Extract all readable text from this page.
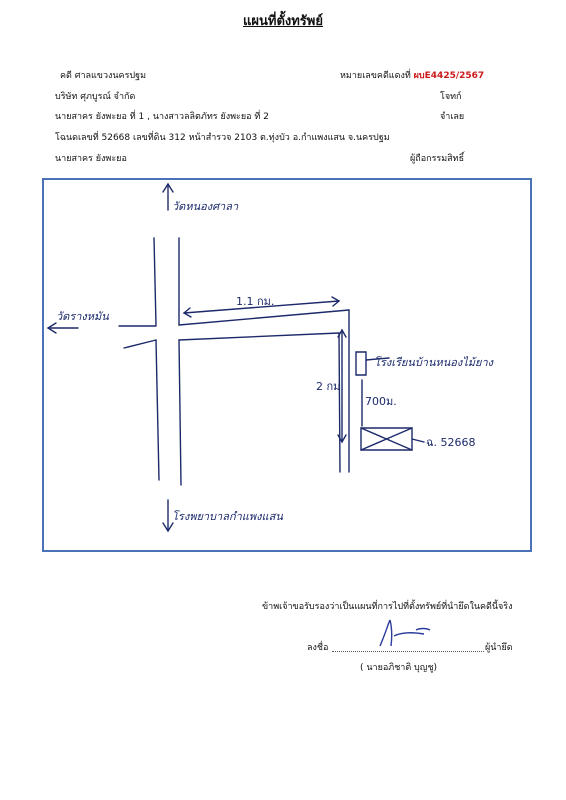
แผนที่ตั้งทรัพย์
คดี ศาลแขวงนครปฐม	หมายเลขคดีแดงที่ ผบE4425/2567
บริษัท ศุภบูรณ์ จำกัด	โจทก์
นายสาคร ยังพะยอ ที่ 1 , นางสาวลลิตภัทร ยังพะยอ ที่ 2	จำเลย
โฉนดเลขที่ 52668 เลขที่ดิน 312 หน้าสำรวจ 2103 ต.ทุ่งบัว อ.กำแพงแสน จ.นครปฐม
นายสาคร ยังพะยอ	ผู้ถือกรรมสิทธิ์
วัดหนองศาลา
วัดรางหมัน
1.1 กม.
2 กม.
700ม.
โรงเรียนบ้านหนองไม้ยาง
ฉ. 52668
โรงพยาบาลกำแพงแสน
ข้าพเจ้าขอรับรองว่าเป็นแผนที่การไปที่ตั้งทรัพย์ที่นำยึดในคดีนี้จริง
ลงชื่อ	ผู้นำยึด
( นายอภิชาติ บุญชู)
